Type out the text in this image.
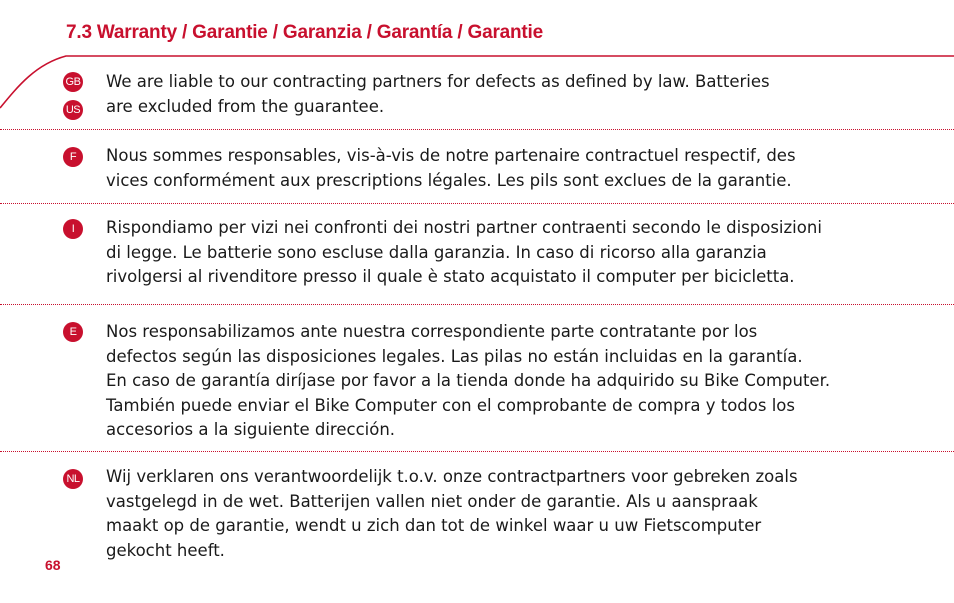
7.3 Warranty / Garantie / Garanzia / Garantía / Garantie
GB
US

We are liable to our contracting partners for defects as defined by law. Batteries

are excluded from the guarantee.

F	Nous sommes responsables, vis-à-vis de notre partenaire contractuel respectif, des

vices conformément aux prescriptions légales. Les pils sont exclues de la garantie.

I	Rispondiamo per vizi nei confronti dei nostri partner contraenti secondo le disposizioni

di legge. Le batterie sono escluse dalla garanzia. In caso di ricorso alla garanzia

rivolgersi al rivenditore presso il quale è stato acquistato il computer per bicicletta.

E	Nos responsabilizamos ante nuestra correspondiente parte contratante por los

defectos según las disposiciones legales. Las pilas no están incluidas en la garantía.

En caso de garantía diríjase por favor a la tienda donde ha adquirido su Bike Computer.

También puede enviar el Bike Computer con el comprobante de compra y todos los

accesorios a la siguiente dirección.

NL Wij verklaren ons verantwoordelijk t.o.v. onze contractpartners voor gebreken zoals

vastgelegd in de wet. Batterijen vallen niet onder de garantie. Als u aanspraak

maakt op de garantie, wendt u zich dan tot de winkel waar u uw Fietscomputer

gekocht heeft.

68
